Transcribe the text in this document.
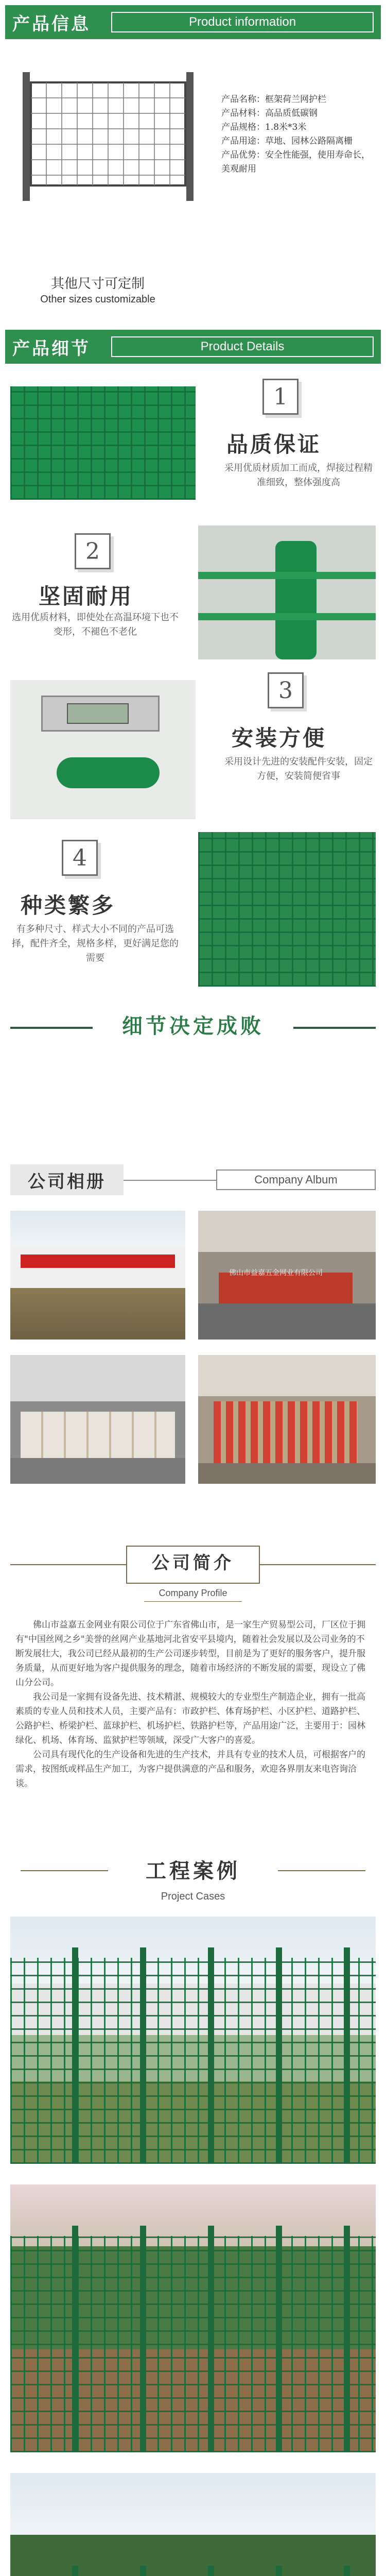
产品信息	Product information
产品名称：框架荷兰网护栏
产品材料：高品质低碳钢
产品规格：1.8米*3米
产品用途：草地、园林公路隔离栅
产品优势：安全性能强，使用寿命长，美观耐用
其他尺寸可定制
Other sizes customizable
产品细节	Product Details
1
品质保证
采用优质材质加工而成，焊接过程精准细致，整体强度高
2
坚固耐用
选用优质材料，即使处在高温环境下也不变形，不褪色不老化
3
安装方便
采用设计先进的安装配件安装，固定方便，安装简便省事
4
种类繁多
有多种尺寸、样式大小不同的产品可选择，配件齐全，规格多样，更好满足您的需要
细节决定成败
公司相册	Company Album
佛山市益嘉五金网业有限公司
公司简介
Company Profile

佛山市益嘉五金网业有限公司位于广东省佛山市，是一家生产贸易型公司，厂区位于拥有"中国丝网之乡"美誉的丝网产业基地河北省安平县境内，随着社会发展以及公司业务的不断发展壮大，我公司已经从最初的生产公司逐步转型，目前是为了更好的服务客户，提升服务质量，从而更好地为客户提供服务的理念，随着市场经济的不断发展的需要，现设立了佛山分公司。

我公司是一家拥有设备先进、技术精湛、规模较大的专业型生产制造企业，拥有一批高素质的专业人员和技术人员，主要产品有：市政护栏、体育场护栏、小区护栏、道路护栏、公路护栏、桥梁护栏、蓝球护栏、机场护栏、铁路护栏等，产品用途广泛，主要用于：园林绿化、机场、体育场、监狱护栏等领域，深受广大客户的喜爱。

公司具有现代化的生产设备和先进的生产技术，并具有专业的技术人员，可根据客户的需求，按图纸或样品生产加工，为客户提供满意的产品和服务，欢迎各界朋友来电咨询洽谈。

工程案例
Project Cases
